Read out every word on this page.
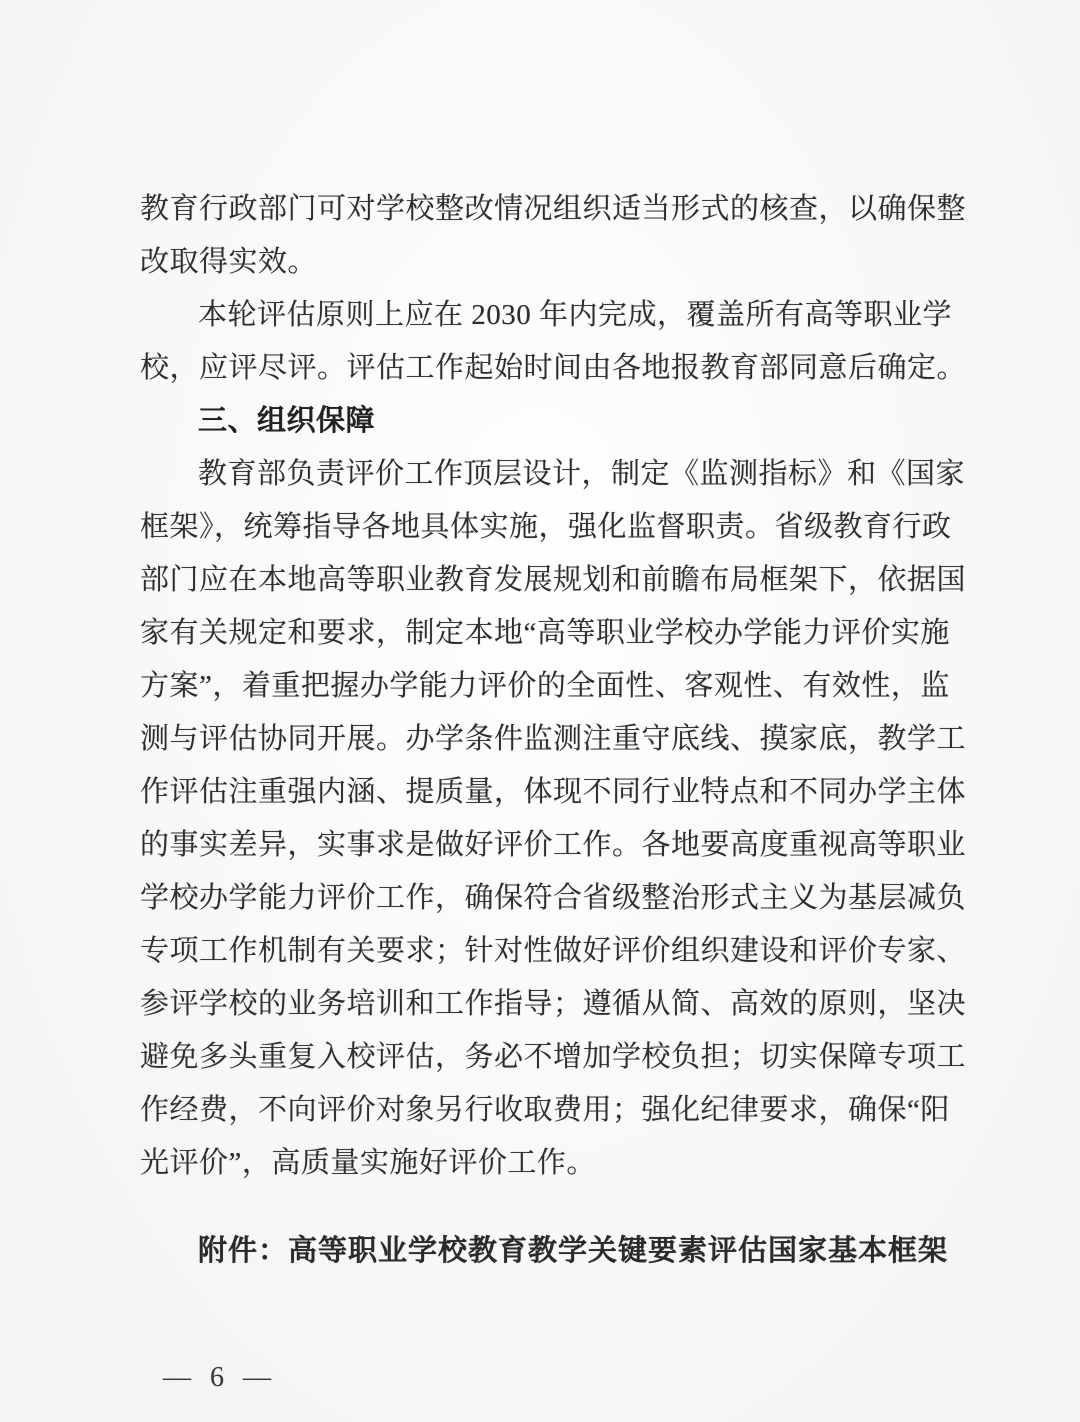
教育行政部门可对学校整改情况组织适当形式的核查，以确保整
改取得实效。
本轮评估原则上应在 2030 年内完成，覆盖所有高等职业学
校，应评尽评。评估工作起始时间由各地报教育部同意后确定。
三、组织保障
教育部负责评价工作顶层设计，制定《监测指标》和《国家
框架》，统筹指导各地具体实施，强化监督职责。省级教育行政
部门应在本地高等职业教育发展规划和前瞻布局框架下，依据国
家有关规定和要求，制定本地“高等职业学校办学能力评价实施
方案”，着重把握办学能力评价的全面性、客观性、有效性，监
测与评估协同开展。办学条件监测注重守底线、摸家底，教学工
作评估注重强内涵、提质量，体现不同行业特点和不同办学主体
的事实差异，实事求是做好评价工作。各地要高度重视高等职业
学校办学能力评价工作，确保符合省级整治形式主义为基层减负
专项工作机制有关要求；针对性做好评价组织建设和评价专家、
参评学校的业务培训和工作指导；遵循从简、高效的原则，坚决
避免多头重复入校评估，务必不增加学校负担；切实保障专项工
作经费，不向评价对象另行收取费用；强化纪律要求，确保“阳
光评价”，高质量实施好评价工作。
附件：高等职业学校教育教学关键要素评估国家基本框架
— 6 —
